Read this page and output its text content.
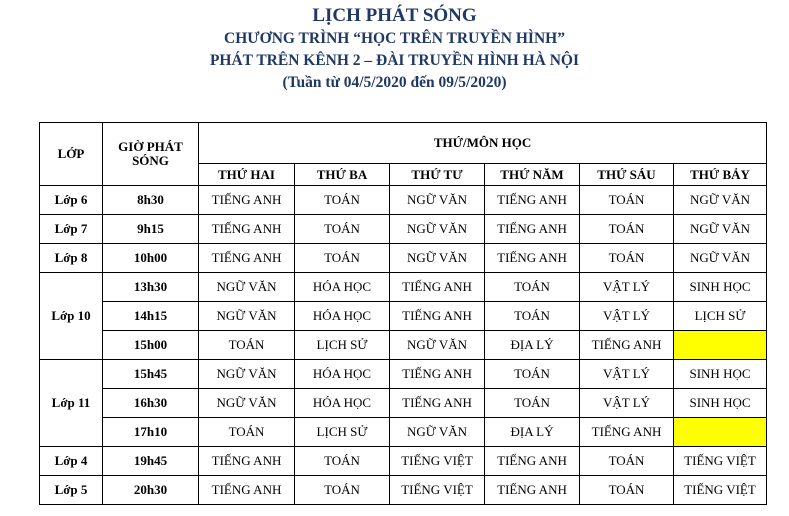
LỊCH PHÁT SÓNG
CHƯƠNG TRÌNH “HỌC TRÊN TRUYỀN HÌNH”
PHÁT TRÊN KÊNH 2 – ĐÀI TRUYỀN HÌNH HÀ NỘI
(Tuần từ 04/5/2020 đến 09/5/2020)
LỚP	GIỜ PHÁT SÓNG	THỨ/MÔN HỌC					
		THỨ HAI	THỨ BA	THỨ TƯ	THỨ NĂM	THỨ SÁU	THỨ BẢY
Lớp 6	8h30	TIẾNG ANH	TOÁN	NGỮ VĂN	TIẾNG ANH	TOÁN	NGỮ VĂN
Lớp 7	9h15	TIẾNG ANH	TOÁN	NGỮ VĂN	TIẾNG ANH	TOÁN	NGỮ VĂN
Lớp 8	10h00	TIẾNG ANH	TOÁN	NGỮ VĂN	TIẾNG ANH	TOÁN	NGỮ VĂN
Lớp 10	13h30	NGỮ VĂN	HÓA HỌC	TIẾNG ANH	TOÁN	VẬT LÝ	SINH HỌC
	14h15	NGỮ VĂN	HÓA HỌC	TIẾNG ANH	TOÁN	VẬT LÝ	LỊCH SỬ
	15h00	TOÁN	LỊCH SỬ	NGỮ VĂN	ĐỊA LÝ	TIẾNG ANH	
Lớp 11	15h45	NGỮ VĂN	HÓA HỌC	TIẾNG ANH	TOÁN	VẬT LÝ	SINH HỌC
	16h30	NGỮ VĂN	HÓA HỌC	TIẾNG ANH	TOÁN	VẬT LÝ	SINH HỌC
	17h10	TOÁN	LỊCH SỬ	NGỮ VĂN	ĐỊA LÝ	TIẾNG ANH	
Lớp 4	19h45	TIẾNG ANH	TOÁN	TIẾNG VIỆT	TIẾNG ANH	TOÁN	TIẾNG VIỆT
Lớp 5	20h30	TIẾNG ANH	TOÁN	TIẾNG VIỆT	TIẾNG ANH	TOÁN	TIẾNG VIỆT
